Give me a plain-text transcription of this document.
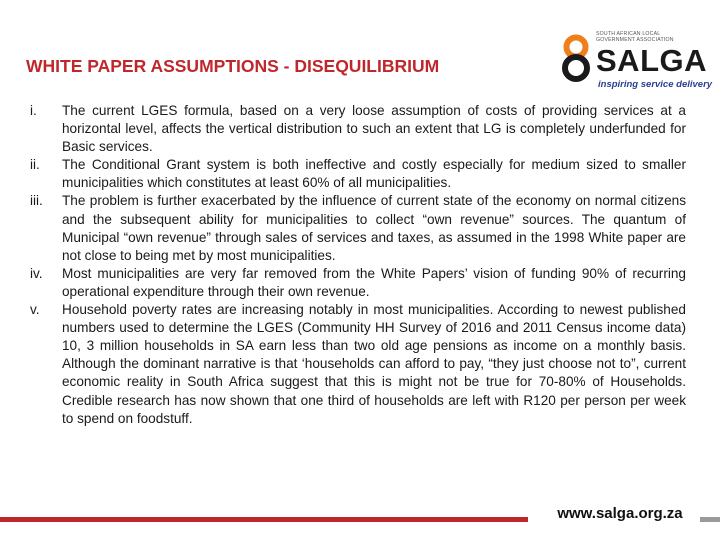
WHITE PAPER ASSUMPTIONS - DISEQUILIBRIUM
SOUTH AFRICAN LOCAL
GOVERNMENT ASSOCIATION
SALGA
inspiring service delivery
i.	The current LGES formula, based on a very loose assumption of costs of providing services at a horizontal level, affects the vertical distribution to such an extent that LG is completely underfunded for Basic services.
ii.	The Conditional Grant system is both ineffective and costly especially for medium sized to smaller municipalities which constitutes at least 60% of all municipalities.
iii.	The problem is further exacerbated by the influence of current state of the economy on normal citizens and the subsequent ability for municipalities to collect “own revenue” sources. The quantum of Municipal “own revenue” through sales of services and taxes, as assumed in the 1998 White paper are not close to being met by most municipalities.
iv.	Most municipalities are very far removed from the White Papers’ vision of funding 90% of recurring operational expenditure through their own revenue.
v.	Household poverty rates are increasing notably in most municipalities. According to newest published numbers used to determine the LGES (Community HH Survey of 2016 and 2011 Census income data) 10, 3 million households in SA earn less than two old age pensions as income on a monthly basis. Although the dominant narrative is that ‘households can afford to pay, “they just choose not to”, current economic reality in South Africa suggest that this is might not be true for 70-80% of Households. Credible research has now shown that one third of households are left with R120 per person per week to spend on foodstuff.
www.salga.org.za
